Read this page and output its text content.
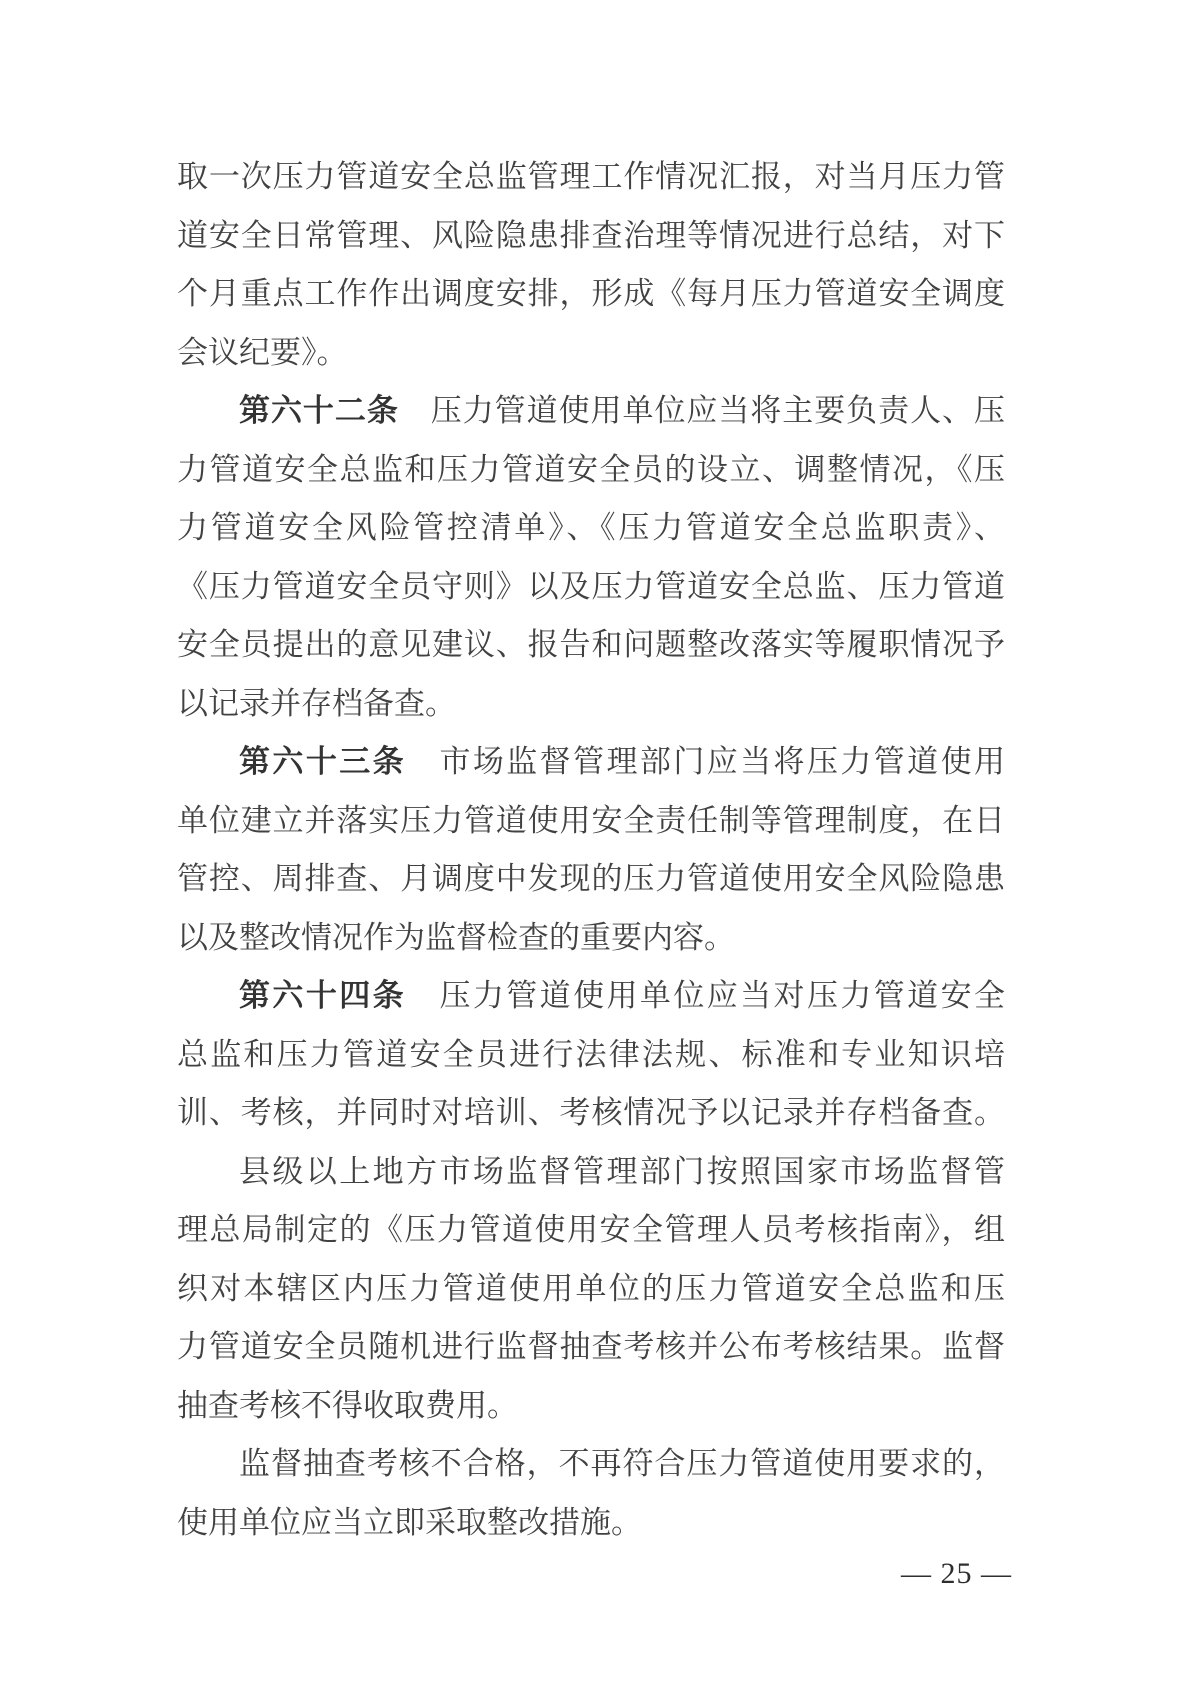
取一次压力管道安全总监管理工作情况汇报，对当月压力管
道安全日常管理、风险隐患排查治理等情况进行总结，对下
个月重点工作作出调度安排，形成《每月压力管道安全调度
会议纪要》。
第六十二条　压力管道使用单位应当将主要负责人、压
力管道安全总监和压力管道安全员的设立、调整情况，《压
力管道安全风险管控清单》、《压力管道安全总监职责》、
《压力管道安全员守则》以及压力管道安全总监、压力管道
安全员提出的意见建议、报告和问题整改落实等履职情况予
以记录并存档备查。
第六十三条　市场监督管理部门应当将压力管道使用
单位建立并落实压力管道使用安全责任制等管理制度，在日
管控、周排查、月调度中发现的压力管道使用安全风险隐患
以及整改情况作为监督检查的重要内容。
第六十四条　压力管道使用单位应当对压力管道安全
总监和压力管道安全员进行法律法规、标准和专业知识培
训、考核，并同时对培训、考核情况予以记录并存档备查。
县级以上地方市场监督管理部门按照国家市场监督管
理总局制定的《压力管道使用安全管理人员考核指南》，组
织对本辖区内压力管道使用单位的压力管道安全总监和压
力管道安全员随机进行监督抽查考核并公布考核结果。监督
抽查考核不得收取费用。
监督抽查考核不合格，不再符合压力管道使用要求的，
使用单位应当立即采取整改措施。
— 25 —
